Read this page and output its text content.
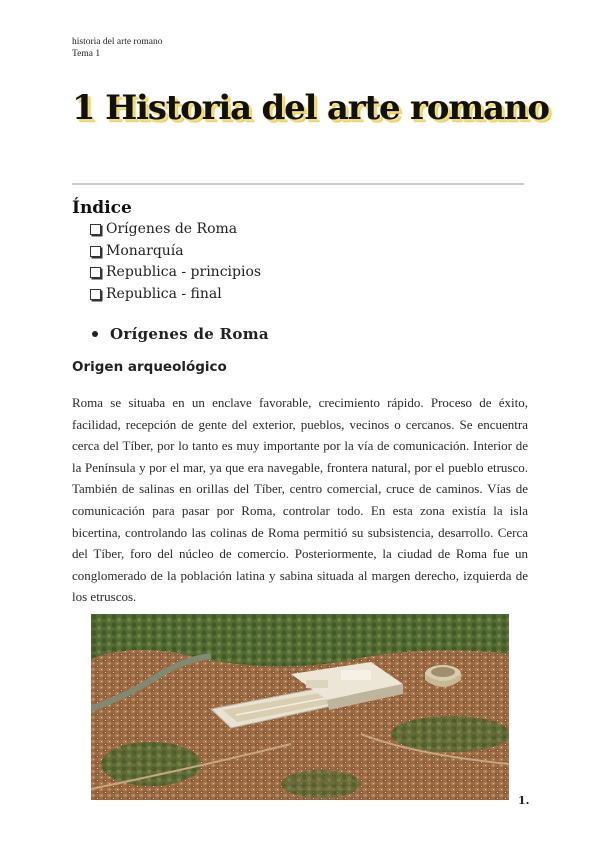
historia del arte romano
Tema 1
1 Historia del arte romano
Índice
Orígenes de Roma
Monarquía
Republica - principios
Republica - final
Orígenes de Roma
Origen arqueológico

Roma se situaba en un enclave favorable, crecimiento rápido. Proceso de éxito, facilidad, recepción de gente del exterior, pueblos, vecinos o cercanos. Se encuentra cerca del Tíber, por lo tanto es muy importante por la vía de comunicación. Interior de la Península y por el mar, ya que era navegable, frontera natural, por el pueblo etrusco. También de salinas en orillas del Tíber, centro comercial, cruce de caminos. Vías de comunicación para pasar por Roma, controlar todo. En esta zona existía la isla bicertina, controlando las colinas de Roma permitió su subsistencia, desarrollo. Cerca del Tíber, foro del núcleo de comercio. Posteriormente, la ciudad de Roma fue un conglomerado de la población latina y sabina situada al margen derecho, izquierda de los etruscos.

1.
